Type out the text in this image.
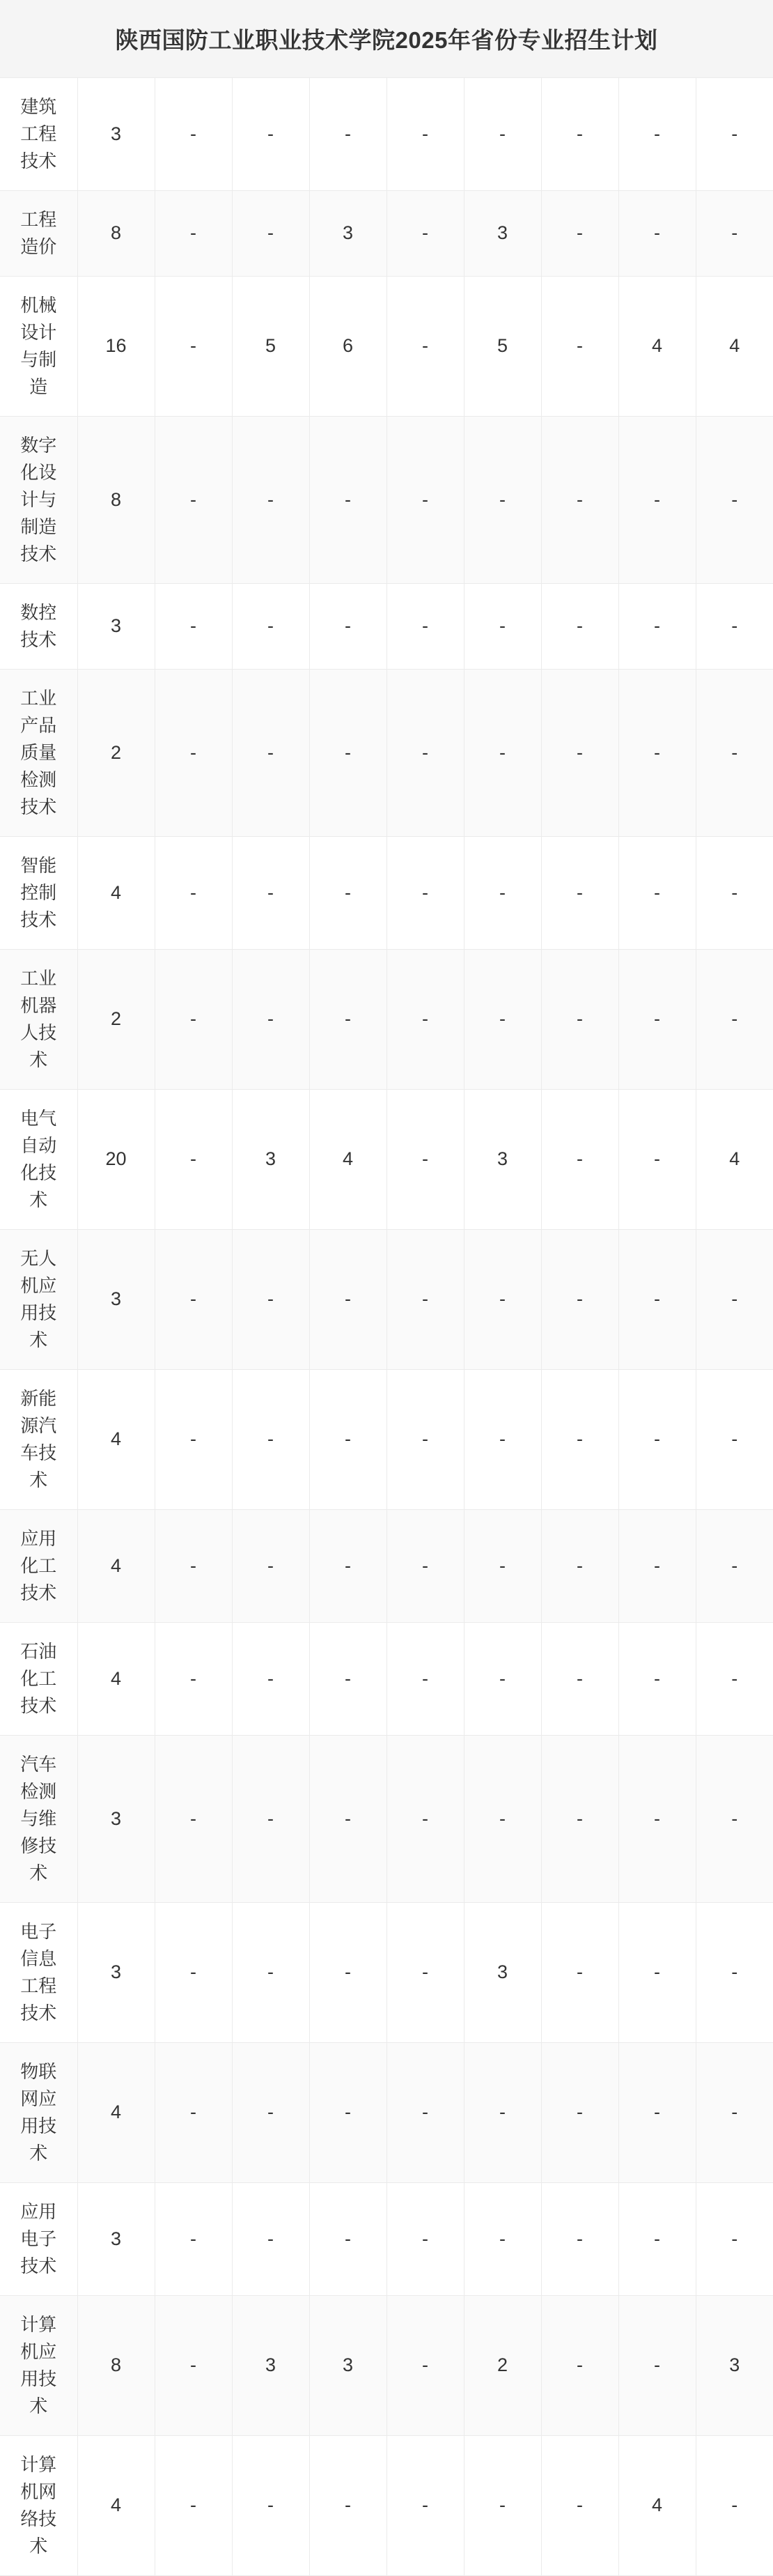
陕西国防工业职业技术学院2025年省份专业招生计划									
建筑工程技术	3	-	-	-	-	-	-	-	-
工程造价	8	-	-	3	-	3	-	-	-
机械设计与制造	16	-	5	6	-	5	-	4	4
数字化设计与制造技术	8	-	-	-	-	-	-	-	-
数控技术	3	-	-	-	-	-	-	-	-
工业产品质量检测技术	2	-	-	-	-	-	-	-	-
智能控制技术	4	-	-	-	-	-	-	-	-
工业机器人技术	2	-	-	-	-	-	-	-	-
电气自动化技术	20	-	3	4	-	3	-	-	4
无人机应用技术	3	-	-	-	-	-	-	-	-
新能源汽车技术	4	-	-	-	-	-	-	-	-
应用化工技术	4	-	-	-	-	-	-	-	-
石油化工技术	4	-	-	-	-	-	-	-	-
汽车检测与维修技术	3	-	-	-	-	-	-	-	-
电子信息工程技术	3	-	-	-	-	3	-	-	-
物联网应用技术	4	-	-	-	-	-	-	-	-
应用电子技术	3	-	-	-	-	-	-	-	-
计算机应用技术	8	-	3	3	-	2	-	-	3
计算机网络技术	4	-	-	-	-	-	-	4	-
